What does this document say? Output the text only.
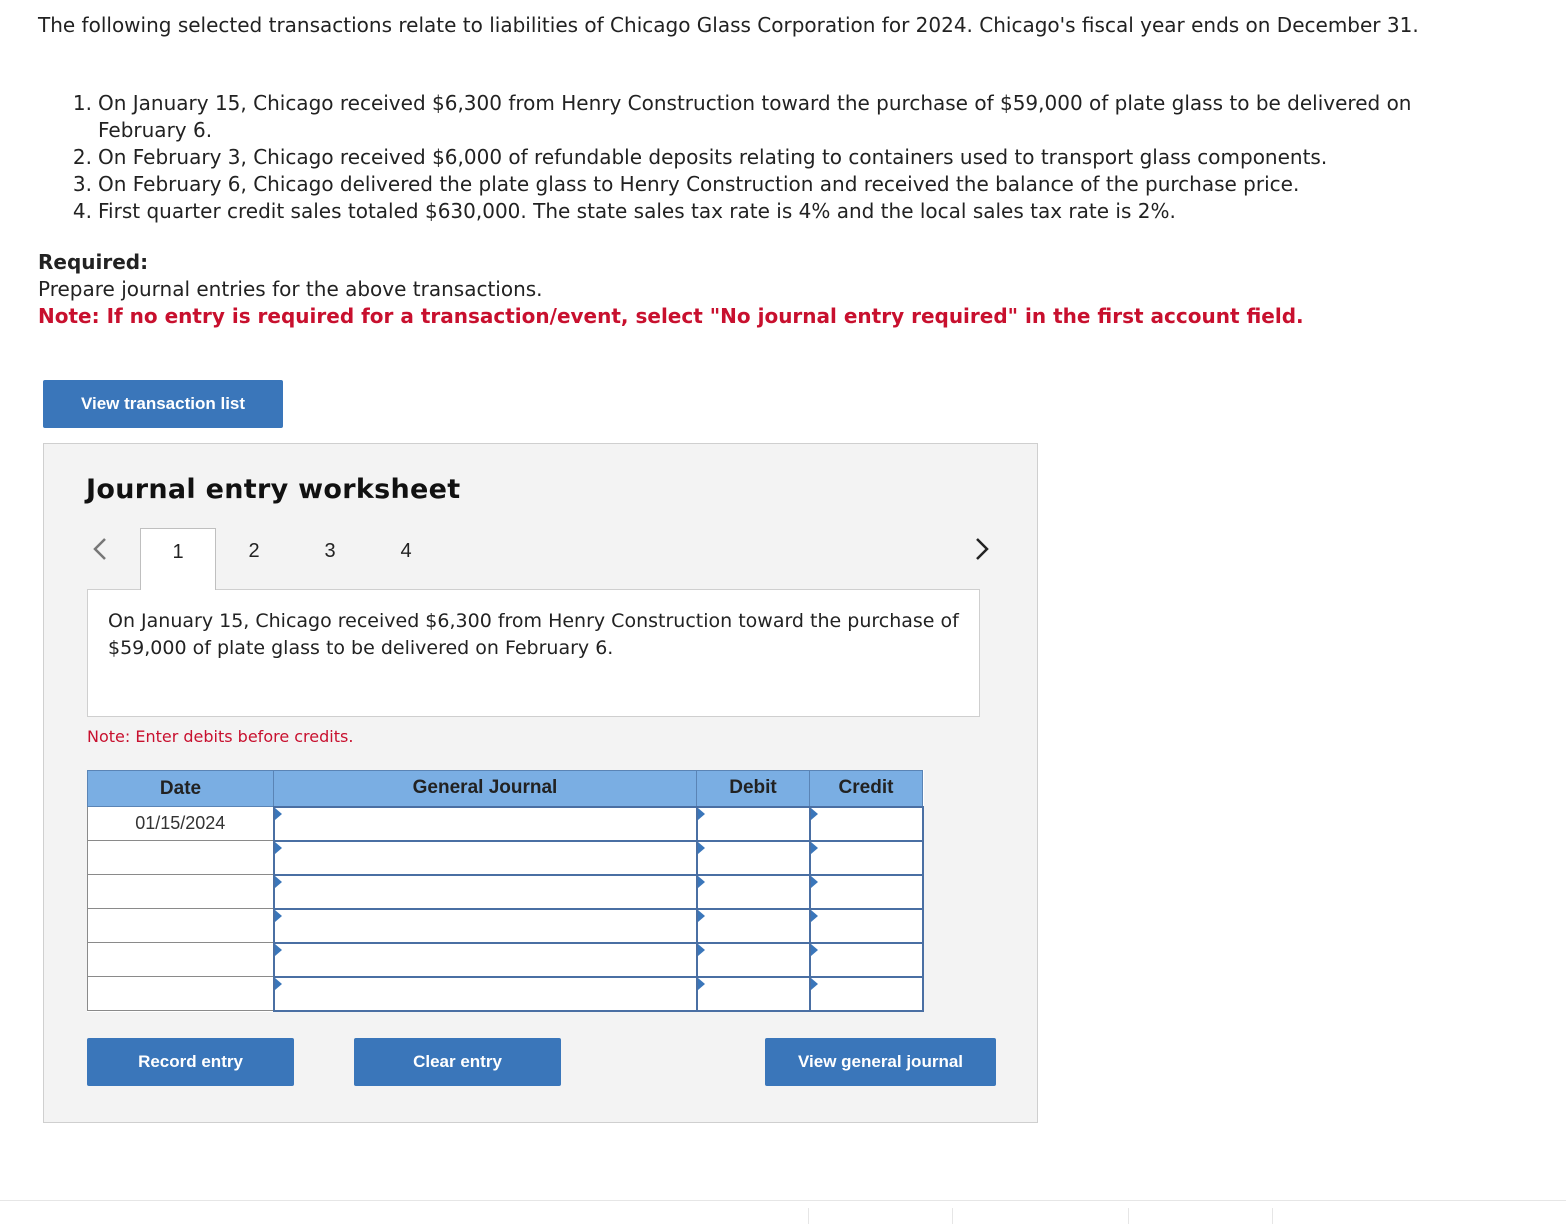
The following selected transactions relate to liabilities of Chicago Glass Corporation for 2024. Chicago's fiscal year ends on December 31.
1. On January 15, Chicago received $6,300 from Henry Construction toward the purchase of $59,000 of plate glass to be delivered on February 6.
2. On February 3, Chicago received $6,000 of refundable deposits relating to containers used to transport glass components.
3. On February 6, Chicago delivered the plate glass to Henry Construction and received the balance of the purchase price.
4. First quarter credit sales totaled $630,000. The state sales tax rate is 4% and the local sales tax rate is 2%.
Required:
Prepare journal entries for the above transactions.
Note: If no entry is required for a transaction/event, select "No journal entry required" in the first account field.
View transaction list
Journal entry worksheet
1	2	3	4
On January 15, Chicago received $6,300 from Henry Construction toward the purchase of $59,000 of plate glass to be delivered on February 6.
Note: Enter debits before credits.
Date	General Journal	Debit	Credit
01/15/2024			

Record entry	Clear entry	View general journal
